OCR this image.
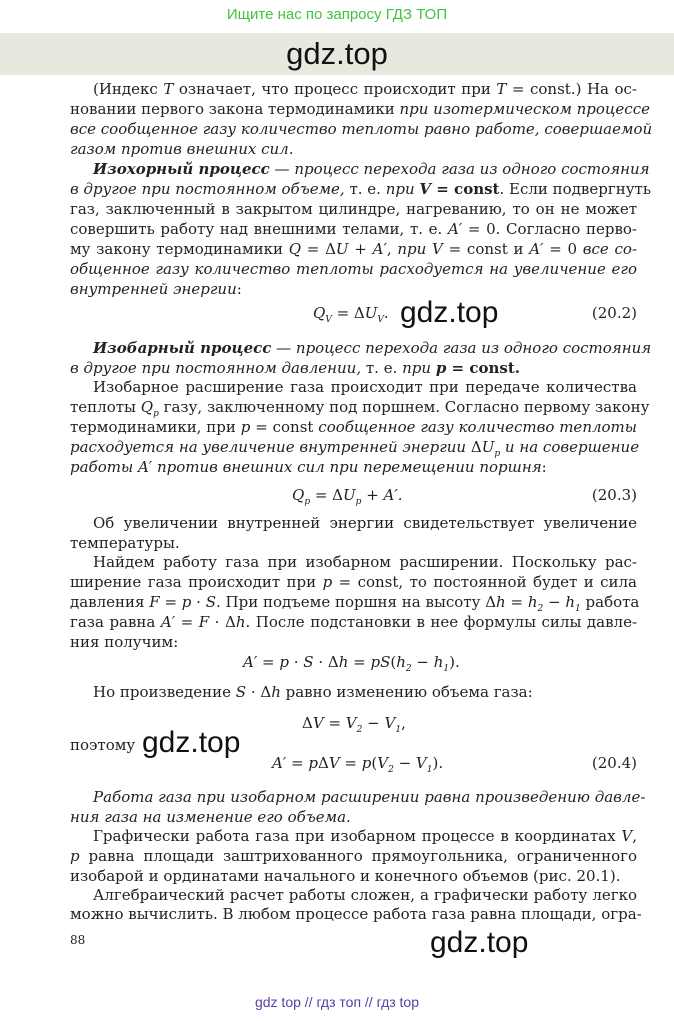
Ищите нас по запросу ГДЗ ТОП
gdz.top
(Индекс T означает, что процесс происходит при T = const.) На ос-
новании первого закона термодинамики при изотермическом процессе
все сообщенное газу количество теплоты равно работе, совершаемой
газом против внешних сил.
Изохорный процесс — процесс перехода газа из одного состояния
в другое при постоянном объеме, т. е. при V = const. Если подвергнуть
газ, заключенный в закрытом цилиндре, нагреванию, то он не может
совершить работу над внешними телами, т. е. A′ = 0. Согласно перво-
му закону термодинамики Q = ΔU + A′, при V = const и A′ = 0 все со-
общенное газу количество теплоты расходуется на увеличение его
внутренней энергии:
Изобарный процесс — процесс перехода газа из одного состояния
в другое при постоянном давлении, т. е. при p = const.
Изобарное расширение газа происходит при передаче количества
теплоты $Q_p$ газу, заключенному под поршнем. Согласно первому закону
термодинамики, при p = const сообщенное газу количество теплоты
расходуется на увеличение внутренней энергии $\Delta U_p$ и на совершение
работы A′ против внешних сил при перемещении поршня:
Об увеличении внутренней энергии свидетельствует увеличение
температуры.
Найдем работу газа при изобарном расширении. Поскольку рас-
ширение газа происходит при p = const, то постоянной будет и сила
давления F = p · S. При подъеме поршня на высоту $\Delta h = h_2 - h_1$ работа
газа равна A′ = F · Δh. После подстановки в нее формулы силы давле-
ния получим:
Но произведение S · Δh равно изменению объема газа:
Работа газа при изобарном расширении равна произведению давле-
ния газа на изменение его объема.
Графически работа газа при изобарном процессе в координатах V,
p равна площади заштрихованного прямоугольника, ограниченного
изобарой и ординатами начального и конечного объемов (рис. 20.1).
Алгебраический расчет работы сложен, а графически работу легко
можно вычислить. В любом процессе работа газа равна площади, огра-
$Q_V = \Delta U_V$.	(20.2)
$Q_p = \Delta U_p + A'$.	(20.3)
$A' = p \cdot S \cdot \Delta h = pS(h_2 - h_1)$.
$\Delta V = V_2 - V_1$,
$A' = p\Delta V = p(V_2 - V_1)$.	(20.4)
поэтому
gdz.top
gdz.top
gdz.top
88
gdz top // гдз топ // гдз top
